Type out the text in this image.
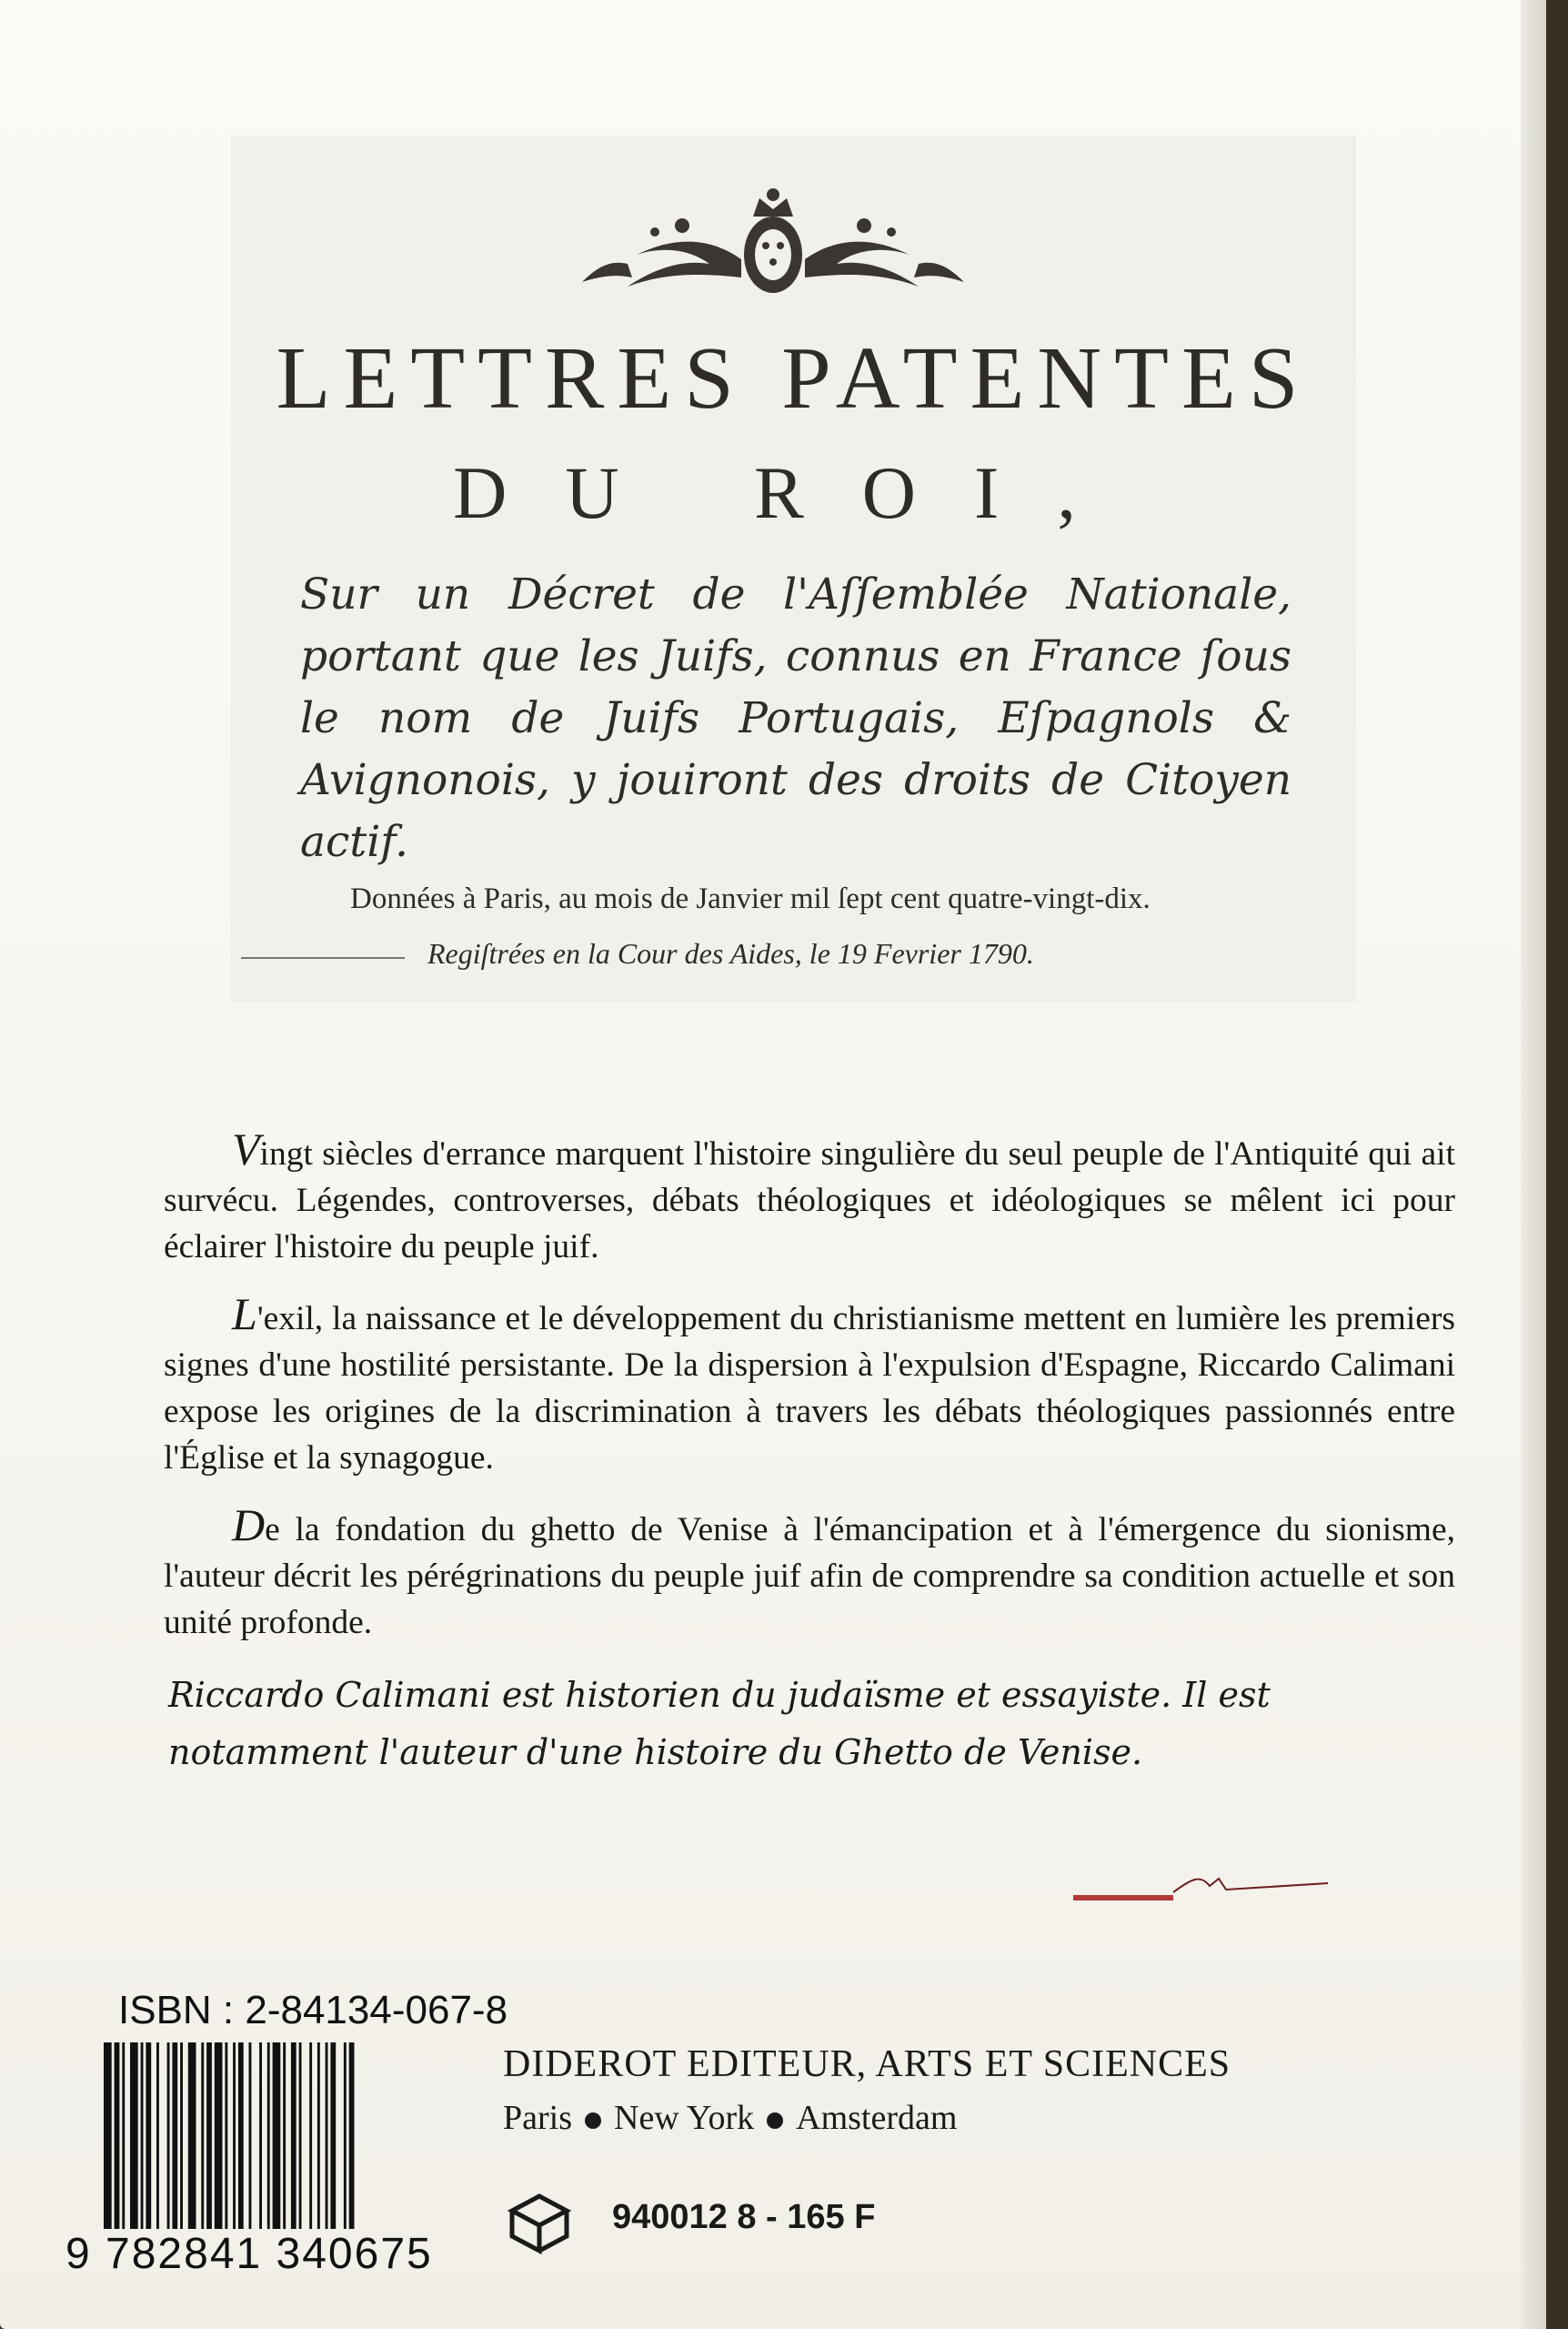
LETTRES PATENTES
DU ROI,
Sur un Décret de l'Aſſemblée Nationale, portant que les Juifs, connus en France ſous le nom de Juifs Portugais, Eſpagnols & Avignonois, y jouiront des droits de Citoyen actif.
Données à Paris, au mois de Janvier mil ſept cent quatre-vingt-dix.
Regiſtrées en la Cour des Aides, le 19 Fevrier 1790.

Vingt siècles d'errance marquent l'histoire singulière du seul peuple de l'Antiquité qui ait survécu. Légendes, controverses, débats théologiques et idéologiques se mêlent ici pour éclairer l'histoire du peuple juif.

L'exil, la naissance et le développement du christianisme mettent en lumière les premiers signes d'une hostilité persistante. De la dispersion à l'expulsion d'Espagne, Riccardo Calimani expose les origines de la discrimination à travers les débats théologiques passionnés entre l'Église et la synagogue.

De la fondation du ghetto de Venise à l'émancipation et à l'émergence du sionisme, l'auteur décrit les pérégrinations du peuple juif afin de comprendre sa condition actuelle et son unité profonde.

Riccardo Calimani est historien du judaïsme et essayiste. Il est notamment l'auteur d'une histoire du Ghetto de Venise.
ISBN : 2-84134-067-8
9 782841 340675
DIDEROT EDITEUR, ARTS ET SCIENCES
Paris New York Amsterdam
940012 8 - 165 F
